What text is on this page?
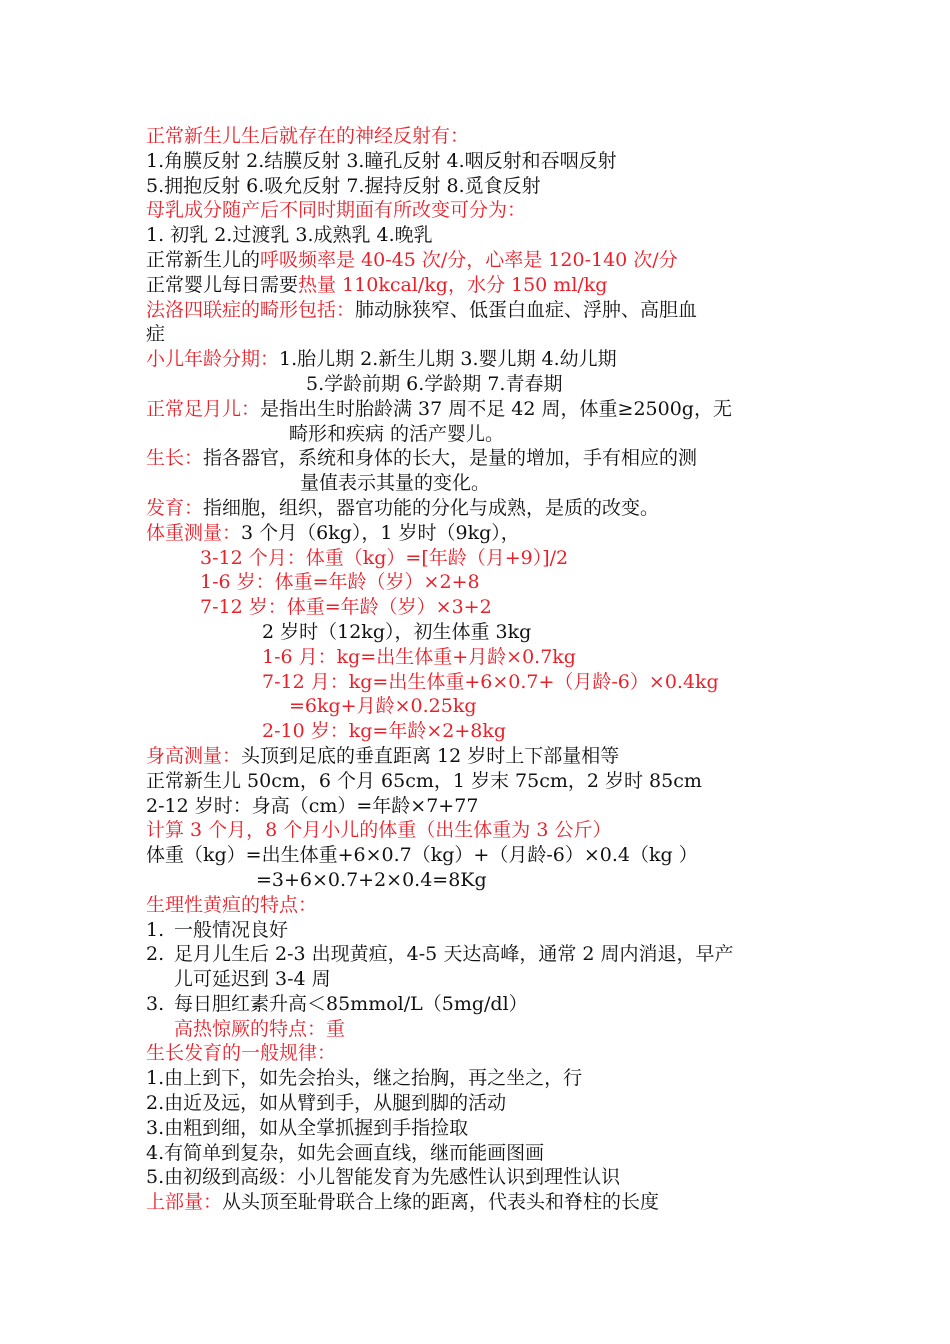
正常新生儿生后就存在的神经反射有：
1.角膜反射 2.结膜反射 3.瞳孔反射 4.咽反射和吞咽反射
5.拥抱反射 6.吸允反射 7.握持反射 8.觅食反射
母乳成分随产后不同时期面有所改变可分为：
1. 初乳 2.过渡乳 3.成熟乳 4.晚乳
正常新生儿的呼吸频率是 40-45 次/分，心率是 120-140 次/分
正常婴儿每日需要热量 110kcal/kg，水分 150 ml/kg
法洛四联症的畸形包括：肺动脉狭窄、低蛋白血症、浮肿、高胆血
症
小儿年龄分期：1.胎儿期 2.新生儿期 3.婴儿期 4.幼儿期
5.学龄前期 6.学龄期 7.青春期
正常足月儿：是指出生时胎龄满 37 周不足 42 周，体重≥2500g，无
畸形和疾病 的活产婴儿。
生长：指各器官，系统和身体的长大，是量的增加，手有相应的测
量值表示其量的变化。
发育：指细胞，组织，器官功能的分化与成熟，是质的改变。
体重测量：3 个月（6kg），1 岁时（9kg），
3-12 个月：体重（kg）=[年龄（月+9）]/2
1-6 岁：体重=年龄（岁）×2+8
7-12 岁：体重=年龄（岁）×3+2
2 岁时（12kg），初生体重 3kg
1-6 月：kg=出生体重+月龄×0.7kg
7-12 月：kg=出生体重+6×0.7+（月龄-6）×0.4kg
=6kg+月龄×0.25kg
2-10 岁：kg=年龄×2+8kg
身高测量：头顶到足底的垂直距离 12 岁时上下部量相等
正常新生儿 50cm，6 个月 65cm，1 岁末 75cm，2 岁时 85cm
2-12 岁时：身高（cm）=年龄×7+77
计算 3 个月，8 个月小儿的体重（出生体重为 3 公斤）
体重（kg）=出生体重+6×0.7（kg）+（月龄-6）×0.4（kg ）
=3+6×0.7+2×0.4=8Kg
生理性黄疸的特点：
1. 一般情况良好
2. 足月儿生后 2-3 出现黄疸，4-5 天达高峰，通常 2 周内消退，早产
儿可延迟到 3-4 周
3. 每日胆红素升高＜85mmol/L（5mg/dl）
高热惊厥的特点：重
生长发育的一般规律：
1.由上到下，如先会抬头，继之抬胸，再之坐之，行
2.由近及远，如从臂到手，从腿到脚的活动
3.由粗到细，如从全掌抓握到手指捡取
4.有简单到复杂，如先会画直线，继而能画图画
5.由初级到高级：小儿智能发育为先感性认识到理性认识
上部量：从头顶至耻骨联合上缘的距离，代表头和脊柱的长度
